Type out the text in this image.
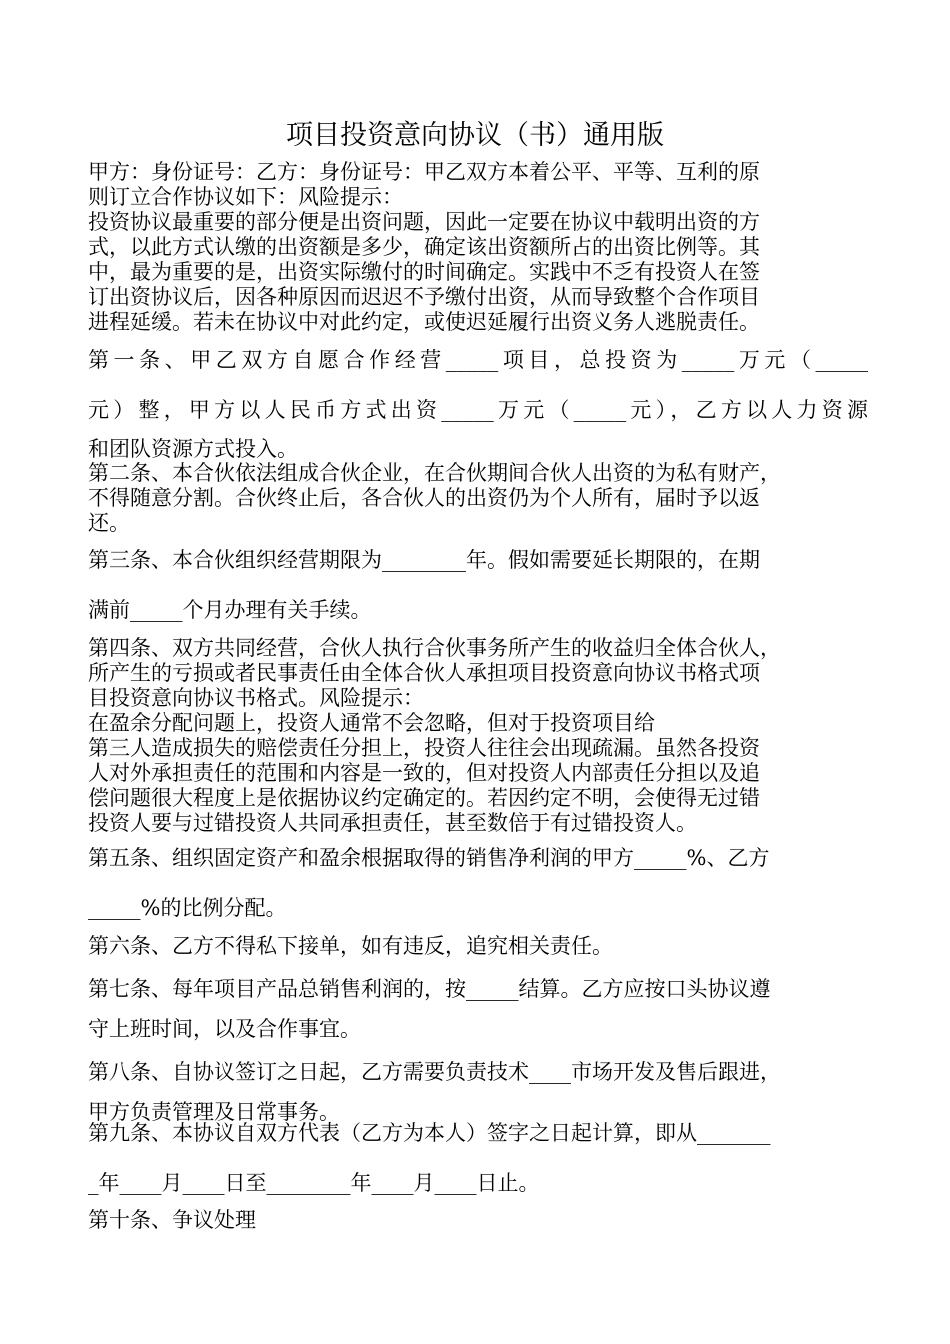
项目投资意向协议（书）通用版

甲方：身份证号：乙方：身份证号：甲乙双方本着公平、平等、互利的原
则订立合作协议如下：风险提示：

投资协议最重要的部分便是出资问题，因此一定要在协议中载明出资的方
式，以此方式认缴的出资额是多少，确定该出资额所占的出资比例等。其
中，最为重要的是，出资实际缴付的时间确定。实践中不乏有投资人在签
订出资协议后，因各种原因而迟迟不予缴付出资，从而导致整个合作项目
进程延缓。若未在协议中对此约定，或使迟延履行出资义务人逃脱责任。

第一条、甲乙双方自愿合作经营_____项目，总投资为_____万元（_____
元）整，甲方以人民币方式出资_____万元（_____元），乙方以人力资源

和团队资源方式投入。

第二条、本合伙依法组成合伙企业，在合伙期间合伙人出资的为私有财产，
不得随意分割。合伙终止后，各合伙人的出资仍为个人所有，届时予以返
还。

第三条、本合伙组织经营期限为________年。假如需要延长期限的，在期
满前_____个月办理有关手续。

第四条、双方共同经营，合伙人执行合伙事务所产生的收益归全体合伙人，
所产生的亏损或者民事责任由全体合伙人承担项目投资意向协议书格式项
目投资意向协议书格式。风险提示：
在盈余分配问题上，投资人通常不会忽略，但对于投资项目给
第三人造成损失的赔偿责任分担上，投资人往往会出现疏漏。虽然各投资
人对外承担责任的范围和内容是一致的，但对投资人内部责任分担以及追
偿问题很大程度上是依据协议约定确定的。若因约定不明，会使得无过错
投资人要与过错投资人共同承担责任，甚至数倍于有过错投资人。

第五条、组织固定资产和盈余根据取得的销售净利润的甲方_____%、乙方
_____%的比例分配。

第六条、乙方不得私下接单，如有违反，追究相关责任。

第七条、每年项目产品总销售利润的，按_____结算。乙方应按口头协议遵
守上班时间，以及合作事宜。

第八条、自协议签订之日起，乙方需要负责技术____市场开发及售后跟进，
甲方负责管理及日常事务。

第九条、本协议自双方代表（乙方为本人）签字之日起计算，即从_______
_年____月____日至________年____月____日止。

第十条、争议处理
